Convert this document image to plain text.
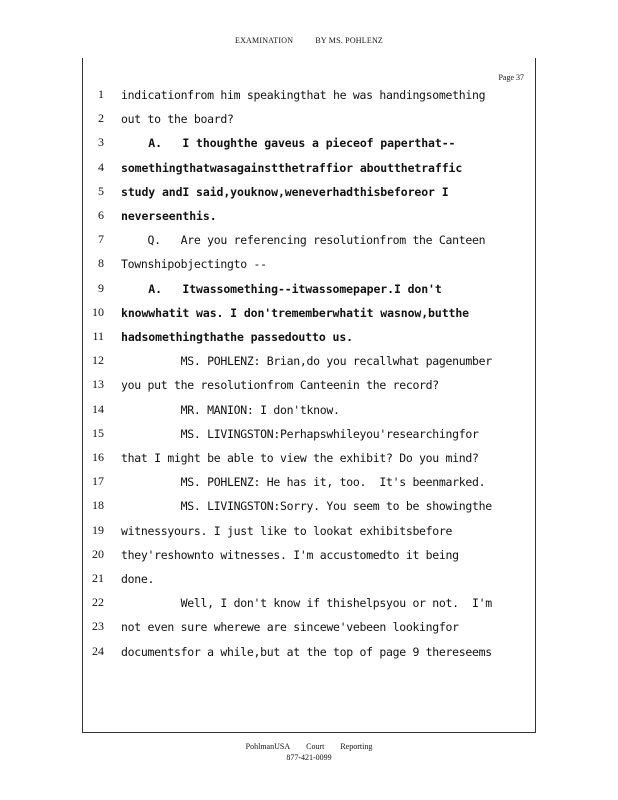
EXAMINATION	BY MS. POHLENZ
Page 37
1 indicationfrom him speakingthat he was handingsomething
2 out to the board?
3 A.   I thoughthe gaveus a pieceof paperthat--
4 somethingthatwasagainstthetraffior aboutthetraffic
5 study andI said,youknow,weneverhadthisbeforeor I
6 neverseenthis.
7 Q.   Are you referencing resolutionfrom the Canteen
8 Townshipobjectingto --
9 A.   Itwassomething--itwassomepaper.I don't
10 knowwhatit was. I don'trememberwhatit wasnow,butthe
11 hadsomethingthathe passedoutto us.
12 MS. POHLENZ: Brian,do you recallwhat pagenumber
13 you put the resolutionfrom Canteenin the record?
14 MR. MANION: I don'tknow.
15 MS. LIVINGSTON:Perhapswhileyou'researchingfor
16 that I might be able to view the exhibit? Do you mind?
17 MS. POHLENZ: He has it, too.  It's beenmarked.
18 MS. LIVINGSTON:Sorry. You seem to be showingthe
19 witnessyours. I just like to lookat exhibitsbefore
20 they'reshownto witnesses. I'm accustomedto it being
21 done.
22 Well, I don't know if thishelpsyou or not.  I'm
23 not even sure wherewe are sincewe'vebeen lookingfor
24 documentsfor a while,but at the top of page 9 thereseems
PohlmanUSA Court Reporting
877-421-0099
